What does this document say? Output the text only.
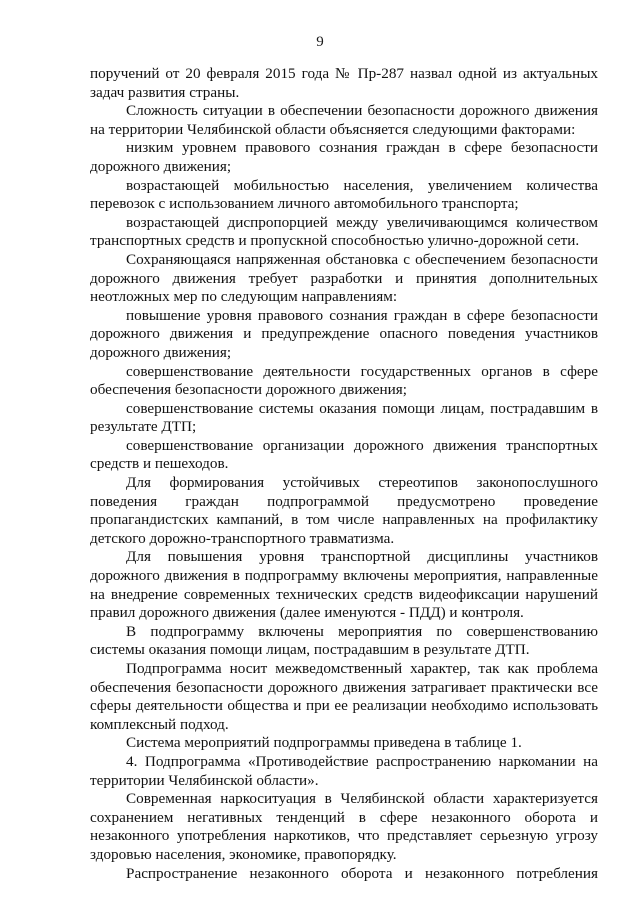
9

поручений от 20 февраля 2015 года № Пр-287 назвал одной из актуальных задач развития страны.

Сложность ситуации в обеспечении безопасности дорожного движения на территории Челябинской области объясняется следующими факторами:

низким уровнем правового сознания граждан в сфере безопасности дорожного движения;

возрастающей мобильностью населения, увеличением количества перевозок с использованием личного автомобильного транспорта;

возрастающей диспропорцией между увеличивающимся количеством транспортных средств и пропускной способностью улично-дорожной сети.

Сохраняющаяся напряженная обстановка с обеспечением безопасности дорожного движения требует разработки и принятия дополнительных неотложных мер по следующим направлениям:

повышение уровня правового сознания граждан в сфере безопасности дорожного движения и предупреждение опасного поведения участников дорожного движения;

совершенствование деятельности государственных органов в сфере обеспечения безопасности дорожного движения;

совершенствование системы оказания помощи лицам, пострадавшим в результате ДТП;

совершенствование организации дорожного движения транспортных средств и пешеходов.

Для формирования устойчивых стереотипов законопослушного поведения граждан подпрограммой предусмотрено проведение пропагандистских кампаний, в том числе направленных на профилактику детского дорожно-транспортного травматизма.

Для повышения уровня транспортной дисциплины участников дорожного движения в подпрограмму включены мероприятия, направленные на внедрение современных технических средств видеофиксации нарушений правил дорожного движения (далее именуются - ПДД) и контроля.

В подпрограмму включены мероприятия по совершенствованию системы оказания помощи лицам, пострадавшим в результате ДТП.

Подпрограмма носит межведомственный характер, так как проблема обеспечения безопасности дорожного движения затрагивает практически все сферы деятельности общества и при ее реализации необходимо использовать комплексный подход.

Система мероприятий подпрограммы приведена в таблице 1.

4. Подпрограмма «Противодействие распространению наркомании на территории Челябинской области».

Современная наркоситуация в Челябинской области характеризуется сохранением негативных тенденций в сфере незаконного оборота и незаконного употребления наркотиков, что представляет серьезную угрозу здоровью населения, экономике, правопорядку.

Распространение незаконного оборота и незаконного потребления
